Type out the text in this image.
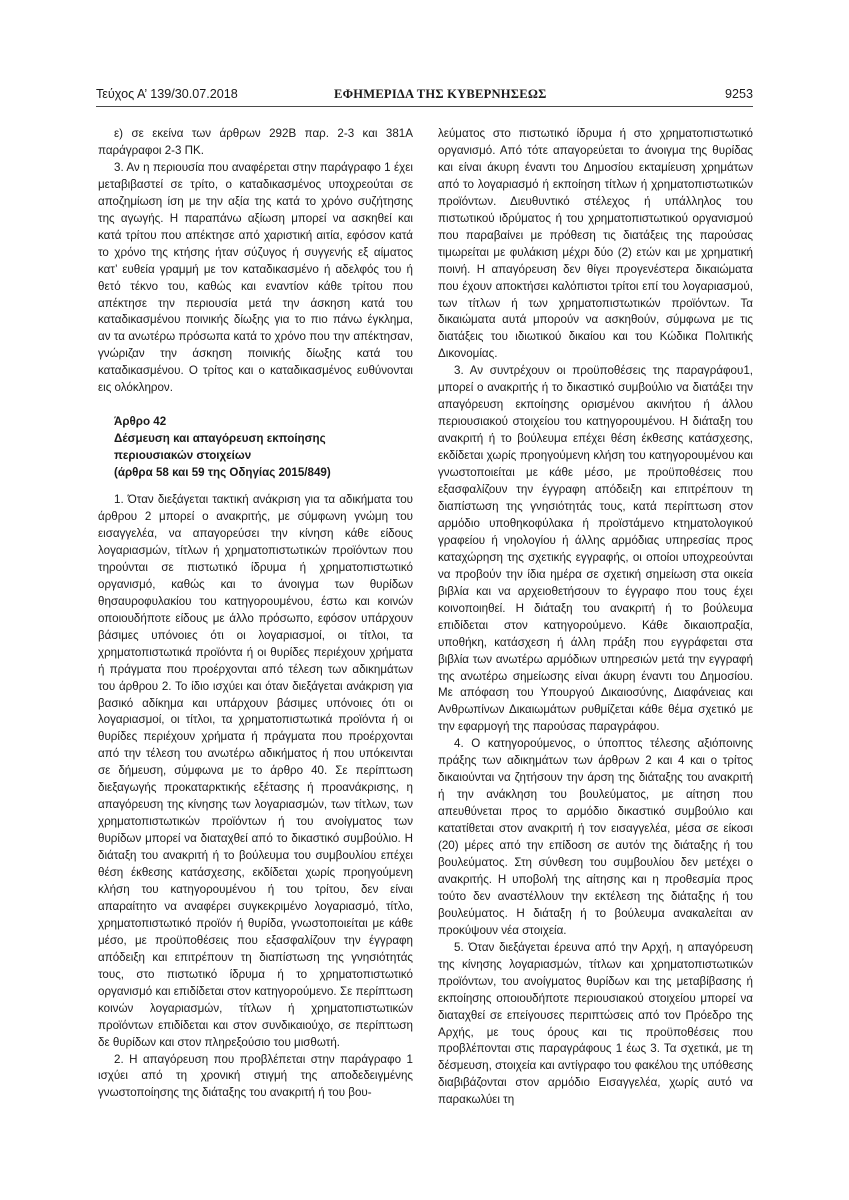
Τεύχος Α’ 139/30.07.2018	ΕΦΗΜΕΡΙΔΑ ΤΗΣ ΚΥΒΕΡΝΗΣΕΩΣ	9253

ε) σε εκείνα των άρθρων 292Β παρ. 2-3 και 381Α παράγραφοι 2-3 ΠΚ.

3. Αν η περιουσία που αναφέρεται στην παράγραφο 1 έχει μεταβιβαστεί σε τρίτο, ο καταδικασμένος υποχρεούται σε αποζημίωση ίση με την αξία της κατά το χρόνο συζήτησης της αγωγής. Η παραπάνω αξίωση μπορεί να ασκηθεί και κατά τρίτου που απέκτησε από χαριστική αιτία, εφόσον κατά το χρόνο της κτήσης ήταν σύζυγος ή συγγενής εξ αίματος κατ’ ευθεία γραμμή με τον καταδικασμένο ή αδελφός του ή θετό τέκνο του, καθώς και εναντίον κάθε τρίτου που απέκτησε την περιουσία μετά την άσκηση κατά του καταδικασμένου ποινικής δίωξης για το πιο πάνω έγκλημα, αν τα ανωτέρω πρόσωπα κατά το χρόνο που την απέκτησαν, γνώριζαν την άσκηση ποινικής δίωξης κατά του καταδικασμένου. Ο τρίτος και ο καταδικασμένος ευθύνονται εις ολόκληρον.

Άρθρο 42
Δέσμευση και απαγόρευση εκποίησης
περιουσιακών στοιχείων
(άρθρα 58 και 59 της Οδηγίας 2015/849)

1. Όταν διεξάγεται τακτική ανάκριση για τα αδικήματα του άρθρου 2 μπορεί ο ανακριτής, με σύμφωνη γνώμη του εισαγγελέα, να απαγορεύσει την κίνηση κάθε είδους λογαριασμών, τίτλων ή χρηματοπιστωτικών προϊόντων που τηρούνται σε πιστωτικό ίδρυμα ή χρηματοπιστωτικό οργανισμό, καθώς και το άνοιγμα των θυρίδων θησαυροφυλακίου του κατηγορουμένου, έστω και κοινών οποιουδήποτε είδους με άλλο πρόσωπο, εφόσον υπάρχουν βάσιμες υπόνοιες ότι οι λογαριασμοί, οι τίτλοι, τα χρηματοπιστωτικά προϊόντα ή οι θυρίδες περιέχουν χρήματα ή πράγματα που προέρχονται από τέλεση των αδικημάτων του άρθρου 2. Το ίδιο ισχύει και όταν διεξάγεται ανάκριση για βασικό αδίκημα και υπάρχουν βάσιμες υπόνοιες ότι οι λογαριασμοί, οι τίτλοι, τα χρηματοπιστωτικά προϊόντα ή οι θυρίδες περιέχουν χρήματα ή πράγματα που προέρχονται από την τέλεση του ανωτέρω αδικήματος ή που υπόκεινται σε δήμευση, σύμφωνα με το άρθρο 40. Σε περίπτωση διεξαγωγής προκαταρκτικής εξέτασης ή προανάκρισης, η απαγόρευση της κίνησης των λογαριασμών, των τίτλων, των χρηματοπιστωτικών προϊόντων ή του ανοίγματος των θυρίδων μπορεί να διαταχθεί από το δικαστικό συμβούλιο. Η διάταξη του ανακριτή ή το βούλευμα του συμβουλίου επέχει θέση έκθεσης κατάσχεσης, εκδίδεται χωρίς προηγούμενη κλήση του κατηγορουμένου ή του τρίτου, δεν είναι απαραίτητο να αναφέρει συγκεκριμένο λογαριασμό, τίτλο, χρηματοπιστωτικό προϊόν ή θυρίδα, γνωστοποιείται με κάθε μέσο, με προϋποθέσεις που εξασφαλίζουν την έγγραφη απόδειξη και επιτρέπουν τη διαπίστωση της γνησιότητάς τους, στο πιστωτικό ίδρυμα ή το χρηματοπιστωτικό οργανισμό και επιδίδεται στον κατηγορούμενο. Σε περίπτωση κοινών λογαριασμών, τίτλων ή χρηματοπιστωτικών προϊόντων επιδίδεται και στον συνδικαιούχο, σε περίπτωση δε θυρίδων και στον πληρεξούσιο του μισθωτή.

2. Η απαγόρευση που προβλέπεται στην παράγραφο 1 ισχύει από τη χρονική στιγμή της αποδεδειγμένης γνωστοποίησης της διάταξης του ανακριτή ή του βου-

λεύματος στο πιστωτικό ίδρυμα ή στο χρηματοπιστωτικό οργανισμό. Από τότε απαγορεύεται το άνοιγμα της θυρίδας και είναι άκυρη έναντι του Δημοσίου εκταμίευση χρημάτων από το λογαριασμό ή εκποίηση τίτλων ή χρηματοπιστωτικών προϊόντων. Διευθυντικό στέλεχος ή υπάλληλος του πιστωτικού ιδρύματος ή του χρηματοπιστωτικού οργανισμού που παραβαίνει με πρόθεση τις διατάξεις της παρούσας τιμωρείται με φυλάκιση μέχρι δύο (2) ετών και με χρηματική ποινή. Η απαγόρευση δεν θίγει προγενέστερα δικαιώματα που έχουν αποκτήσει καλόπιστοι τρίτοι επί του λογαριασμού, των τίτλων ή των χρηματοπιστωτικών προϊόντων. Τα δικαιώματα αυτά μπορούν να ασκηθούν, σύμφωνα με τις διατάξεις του ιδιωτικού δικαίου και του Κώδικα Πολιτικής Δικονομίας.

3. Αν συντρέχουν οι προϋποθέσεις της παραγράφου1, μπορεί ο ανακριτής ή το δικαστικό συμβούλιο να διατάξει την απαγόρευση εκποίησης ορισμένου ακινήτου ή άλλου περιουσιακού στοιχείου του κατηγορουμένου. Η διάταξη του ανακριτή ή το βούλευμα επέχει θέση έκθεσης κατάσχεσης, εκδίδεται χωρίς προηγούμενη κλήση του κατηγορουμένου και γνωστοποιείται με κάθε μέσο, με προϋποθέσεις που εξασφαλίζουν την έγγραφη απόδειξη και επιτρέπουν τη διαπίστωση της γνησιότητάς τους, κατά περίπτωση στον αρμόδιο υποθηκοφύλακα ή προϊστάμενο κτηματολογικού γραφείου ή νηολογίου ή άλλης αρμόδιας υπηρεσίας προς καταχώρηση της σχετικής εγγραφής, οι οποίοι υποχρεούνται να προβούν την ίδια ημέρα σε σχετική σημείωση στα οικεία βιβλία και να αρχειοθετήσουν το έγγραφο που τους έχει κοινοποιηθεί. Η διάταξη του ανακριτή ή το βούλευμα επιδίδεται στον κατηγορούμενο. Κάθε δικαιοπραξία, υποθήκη, κατάσχεση ή άλλη πράξη που εγγράφεται στα βιβλία των ανωτέρω αρμόδιων υπηρεσιών μετά την εγγραφή της ανωτέρω σημείωσης είναι άκυρη έναντι του Δημοσίου. Με απόφαση του Υπουργού Δικαιοσύνης, Διαφάνειας και Ανθρωπίνων Δικαιωμάτων ρυθμίζεται κάθε θέμα σχετικό με την εφαρμογή της παρούσας παραγράφου.

4. Ο κατηγορούμενος, ο ύποπτος τέλεσης αξιόποινης πράξης των αδικημάτων των άρθρων 2 και 4 και ο τρίτος δικαιούνται να ζητήσουν την άρση της διάταξης του ανακριτή ή την ανάκληση του βουλεύματος, με αίτηση που απευθύνεται προς το αρμόδιο δικαστικό συμβούλιο και κατατίθεται στον ανακριτή ή τον εισαγγελέα, μέσα σε είκοσι (20) μέρες από την επίδοση σε αυτόν της διάταξης ή του βουλεύματος. Στη σύνθεση του συμβουλίου δεν μετέχει ο ανακριτής. Η υποβολή της αίτησης και η προθεσμία προς τούτο δεν αναστέλλουν την εκτέλεση της διάταξης ή του βουλεύματος. Η διάταξη ή το βούλευμα ανακαλείται αν προκύψουν νέα στοιχεία.

5. Όταν διεξάγεται έρευνα από την Αρχή, η απαγόρευση της κίνησης λογαριασμών, τίτλων και χρηματοπιστωτικών προϊόντων, του ανοίγματος θυρίδων και της μεταβίβασης ή εκποίησης οποιουδήποτε περιουσιακού στοιχείου μπορεί να διαταχθεί σε επείγουσες περιπτώσεις από τον Πρόεδρο της Αρχής, με τους όρους και τις προϋποθέσεις που προβλέπονται στις παραγράφους 1 έως 3. Τα σχετικά, με τη δέσμευση, στοιχεία και αντίγραφο του φακέλου της υπόθεσης διαβιβάζονται στον αρμόδιο Εισαγγελέα, χωρίς αυτό να παρακωλύει τη
